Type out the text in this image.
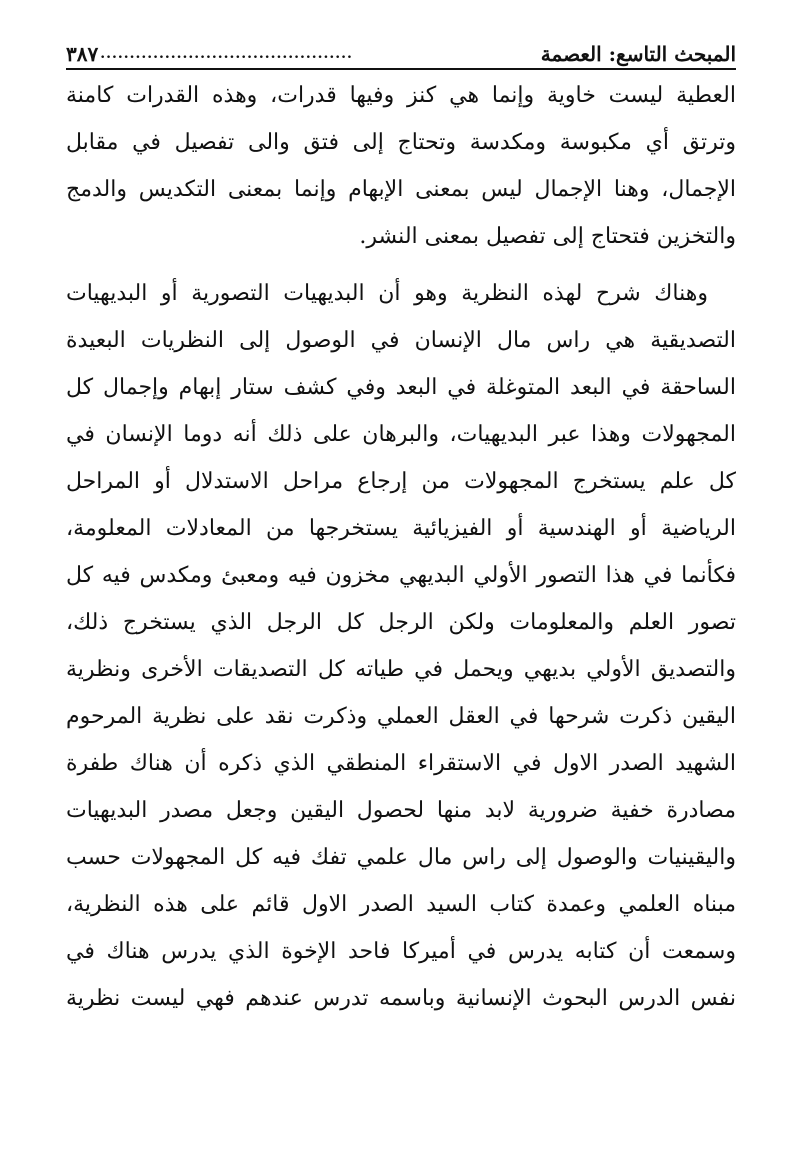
المبحث التاسع: العصمة
...........................................
٣٨٧
العطية ليست خاوية وإنما هي كنز وفيها قدرات، وهذه القدرات كامنة
وترتق أي مكبوسة ومكدسة وتحتاج إلى فتق والى تفصيل في مقابل
الإجمال، وهنا الإجمال ليس بمعنى الإبهام وإنما بمعنى التكديس والدمج
والتخزين فتحتاج إلى تفصيل بمعنى النشر.
وهناك شرح لهذه النظرية وهو أن البديهيات التصورية أو البديهيات
التصديقية هي راس مال الإنسان في الوصول إلى النظريات البعيدة
الساحقة في البعد المتوغلة في البعد وفي كشف ستار إبهام وإجمال كل
المجهولات وهذا عبر البديهيات، والبرهان على ذلك أنه دوما الإنسان في
كل علم يستخرج المجهولات من إرجاع مراحل الاستدلال أو المراحل
الرياضية أو الهندسية أو الفيزيائية يستخرجها من المعادلات المعلومة،
فكأنما في هذا التصور الأولي البديهي مخزون فيه ومعبئ ومكدس فيه كل
تصور العلم والمعلومات ولكن الرجل كل الرجل الذي يستخرج ذلك،
والتصديق الأولي بديهي ويحمل في طياته كل التصديقات الأخرى ونظرية
اليقين ذكرت شرحها في العقل العملي وذكرت نقد على نظرية المرحوم
الشهيد الصدر الاول في الاستقراء المنطقي الذي ذكره أن هناك طفرة
مصادرة خفية ضرورية لابد منها لحصول اليقين وجعل مصدر البديهيات
واليقينيات والوصول إلى راس مال علمي تفك فيه كل المجهولات حسب
مبناه العلمي وعمدة كتاب السيد الصدر الاول قائم على هذه النظرية،
وسمعت أن كتابه يدرس في أميركا فاحد الإخوة الذي يدرس هناك في
نفس الدرس البحوث الإنسانية وباسمه تدرس عندهم فهي ليست نظرية
